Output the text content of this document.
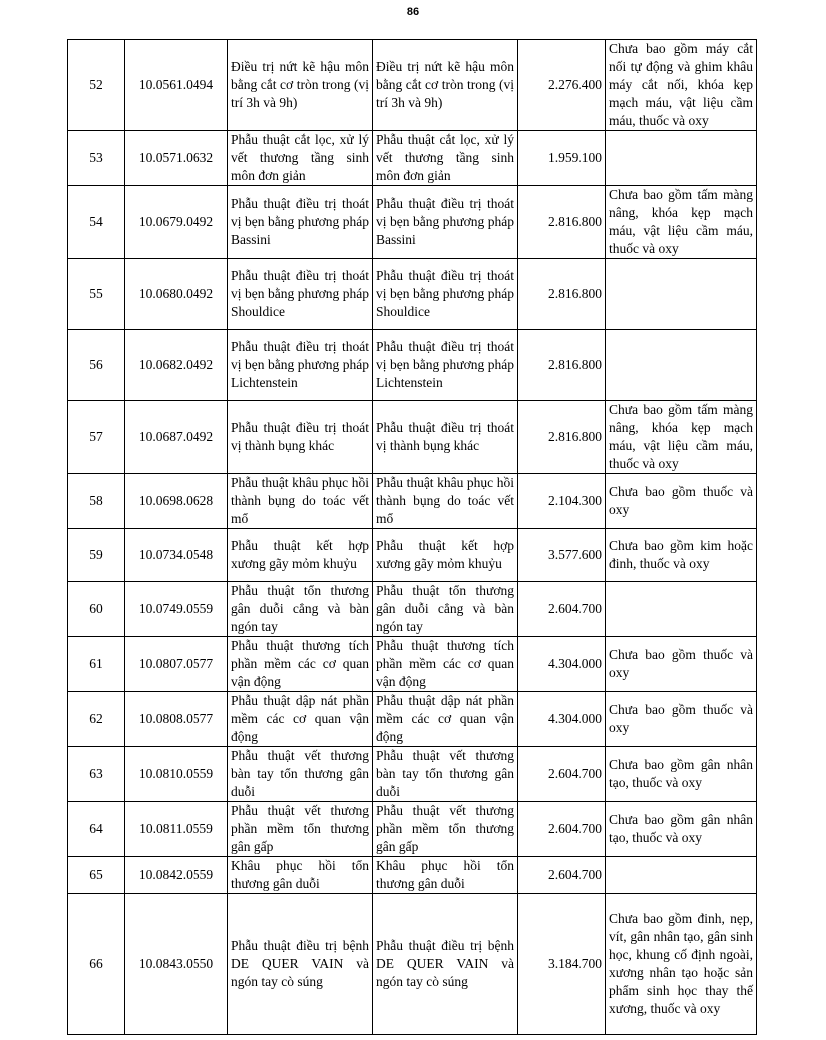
86
52	10.0561.0494	Điều trị nứt kẽ hậu môn bằng cắt cơ tròn trong (vị trí 3h và 9h)	Điều trị nứt kẽ hậu môn bằng cắt cơ tròn trong (vị trí 3h và 9h)	2.276.400	Chưa bao gồm máy cắt nối tự động và ghim khâu máy cắt nối, khóa kẹp mạch máu, vật liệu cầm máu, thuốc và oxy
53	10.0571.0632	Phẫu thuật cắt lọc, xử lý vết thương tầng sinh môn đơn giản	Phẫu thuật cắt lọc, xử lý vết thương tầng sinh môn đơn giản	1.959.100	
54	10.0679.0492	Phẫu thuật điều trị thoát vị bẹn bằng phương pháp Bassini	Phẫu thuật điều trị thoát vị bẹn bằng phương pháp Bassini	2.816.800	Chưa bao gồm tấm màng nâng, khóa kẹp mạch máu, vật liệu cầm máu, thuốc và oxy
55	10.0680.0492	Phẫu thuật điều trị thoát vị bẹn bằng phương pháp Shouldice	Phẫu thuật điều trị thoát vị bẹn bằng phương pháp Shouldice	2.816.800	
56	10.0682.0492	Phẫu thuật điều trị thoát vị bẹn bằng phương pháp Lichtenstein	Phẫu thuật điều trị thoát vị bẹn bằng phương pháp Lichtenstein	2.816.800	
57	10.0687.0492	Phẫu thuật điều trị thoát vị thành bụng khác	Phẫu thuật điều trị thoát vị thành bụng khác	2.816.800	Chưa bao gồm tấm màng nâng, khóa kẹp mạch máu, vật liệu cầm máu, thuốc và oxy
58	10.0698.0628	Phẫu thuật khâu phục hồi thành bụng do toác vết mổ	Phẫu thuật khâu phục hồi thành bụng do toác vết mổ	2.104.300	Chưa bao gồm thuốc và oxy
59	10.0734.0548	Phẫu thuật kết hợp xương gãy mỏm khuỷu	Phẫu thuật kết hợp xương gãy mỏm khuỷu	3.577.600	Chưa bao gồm kim hoặc đinh, thuốc và oxy
60	10.0749.0559	Phẫu thuật tổn thương gân duỗi cẳng và bàn ngón tay	Phẫu thuật tổn thương gân duỗi cẳng và bàn ngón tay	2.604.700	
61	10.0807.0577	Phẫu thuật thương tích phần mềm các cơ quan vận động	Phẫu thuật thương tích phần mềm các cơ quan vận động	4.304.000	Chưa bao gồm thuốc và oxy
62	10.0808.0577	Phẫu thuật dập nát phần mềm các cơ quan vận động	Phẫu thuật dập nát phần mềm các cơ quan vận động	4.304.000	Chưa bao gồm thuốc và oxy
63	10.0810.0559	Phẫu thuật vết thương bàn tay tổn thương gân duỗi	Phẫu thuật vết thương bàn tay tổn thương gân duỗi	2.604.700	Chưa bao gồm gân nhân tạo, thuốc và oxy
64	10.0811.0559	Phẫu thuật vết thương phần mềm tổn thương gân gấp	Phẫu thuật vết thương phần mềm tổn thương gân gấp	2.604.700	Chưa bao gồm gân nhân tạo, thuốc và oxy
65	10.0842.0559	Khâu phục hồi tổn thương gân duỗi	Khâu phục hồi tổn thương gân duỗi	2.604.700	
66	10.0843.0550	Phẫu thuật điều trị bệnh DE QUER VAIN và ngón tay cò súng	Phẫu thuật điều trị bệnh DE QUER VAIN và ngón tay cò súng	3.184.700	Chưa bao gồm đinh, nẹp, vít, gân nhân tạo, gân sinh học, khung cố định ngoài, xương nhân tạo hoặc sản phẩm sinh học thay thế xương, thuốc và oxy
